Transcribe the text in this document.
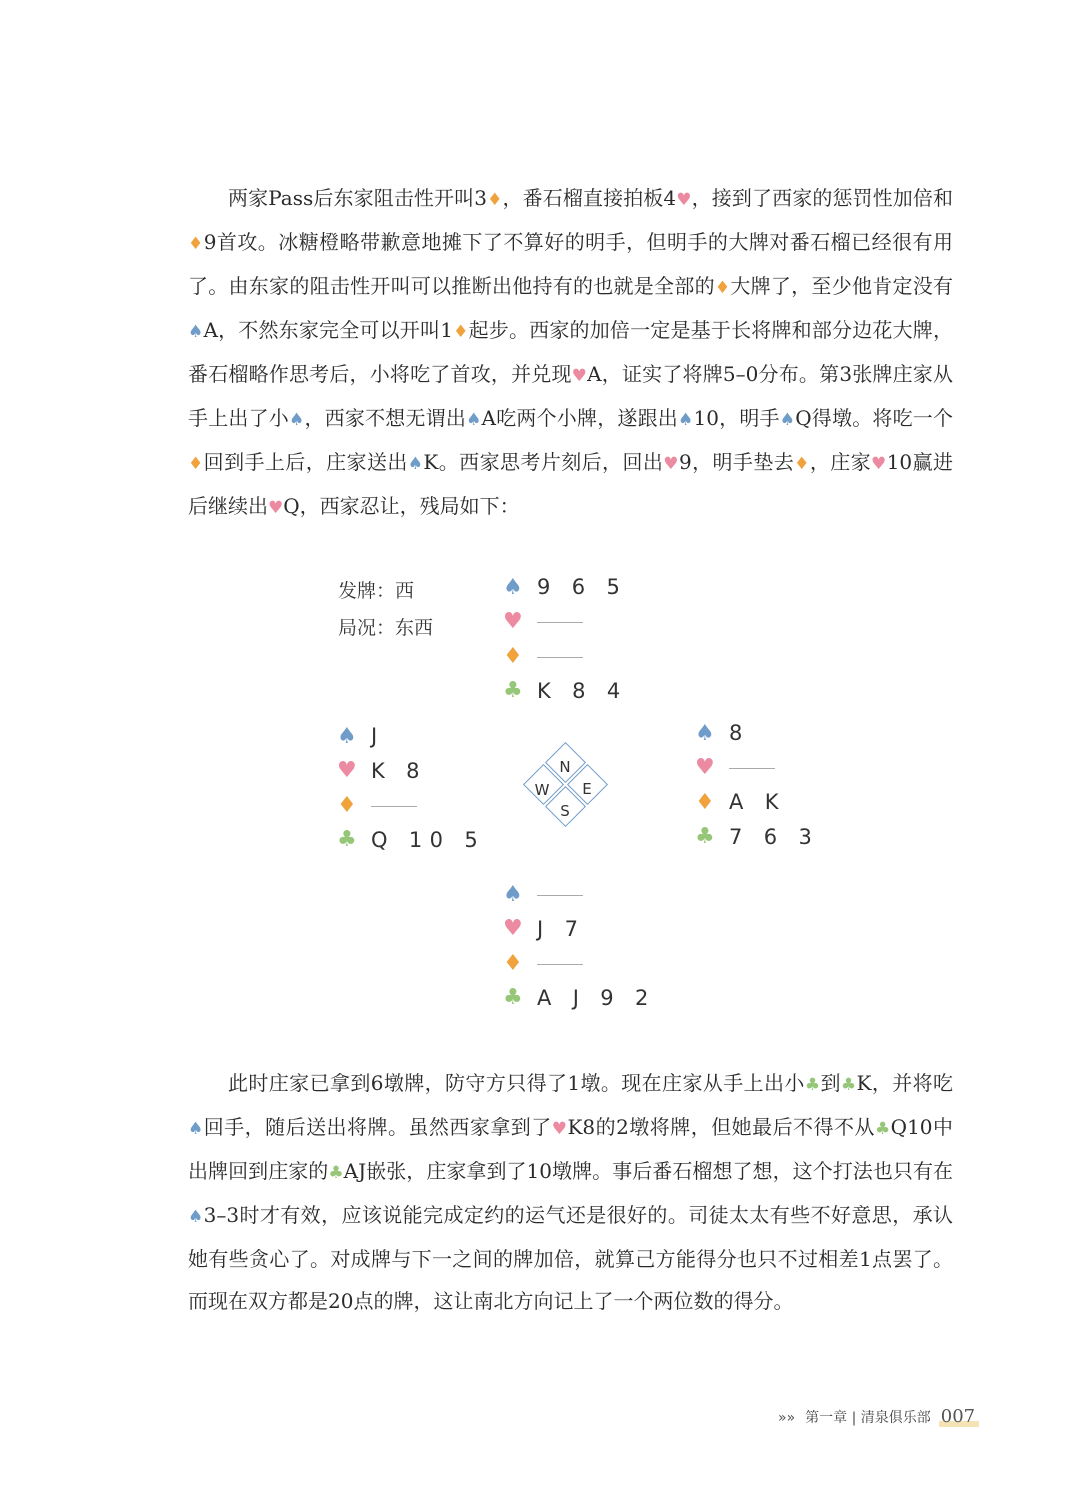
两家Pass后东家阻击性开叫3♦，番石榴直接拍板4♥，接到了西家的惩罚性加倍和♦9首攻。冰糖橙略带歉意地摊下了不算好的明手，但明手的大牌对番石榴已经很有用了。由东家的阻击性开叫可以推断出他持有的也就是全部的♦大牌了，至少他肯定没有♠A，不然东家完全可以开叫1♦起步。西家的加倍一定是基于长将牌和部分边花大牌，番石榴略作思考后，小将吃了首攻，并兑现♥A，证实了将牌5–0分布。第3张牌庄家从手上出了小♠，西家不想无谓出♠A吃两个小牌，遂跟出♠10，明手♠Q得墩。将吃一个♦回到手上后，庄家送出♠K。西家思考片刻后，回出♥9，明手垫去♦，庄家♥10赢进后继续出♥Q，西家忍让，残局如下：

发牌：西
局况：东西
♠ 9 6 5
♥
♦
♣ K 8 4
♠ J
♥ K 8
♦
♣ Q 10 5
♠ 8
♥
♦ A K
♣ 7 6 3
♠
♥ J 7
♦
♣ A J 9 2
N
E
S
W

此时庄家已拿到6墩牌，防守方只得了1墩。现在庄家从手上出小♣到♣K，并将吃♠回手，随后送出将牌。虽然西家拿到了♥K8的2墩将牌，但她最后不得不从♣Q10中出牌回到庄家的♣AJ嵌张，庄家拿到了10墩牌。事后番石榴想了想，这个打法也只有在♠3–3时才有效，应该说能完成定约的运气还是很好的。司徒太太有些不好意思，承认她有些贪心了。对成牌与下一之间的牌加倍，就算己方能得分也只不过相差1点罢了。而现在双方都是20点的牌，这让南北方向记上了一个两位数的得分。

»» 第一章 | 清泉俱乐部 007
